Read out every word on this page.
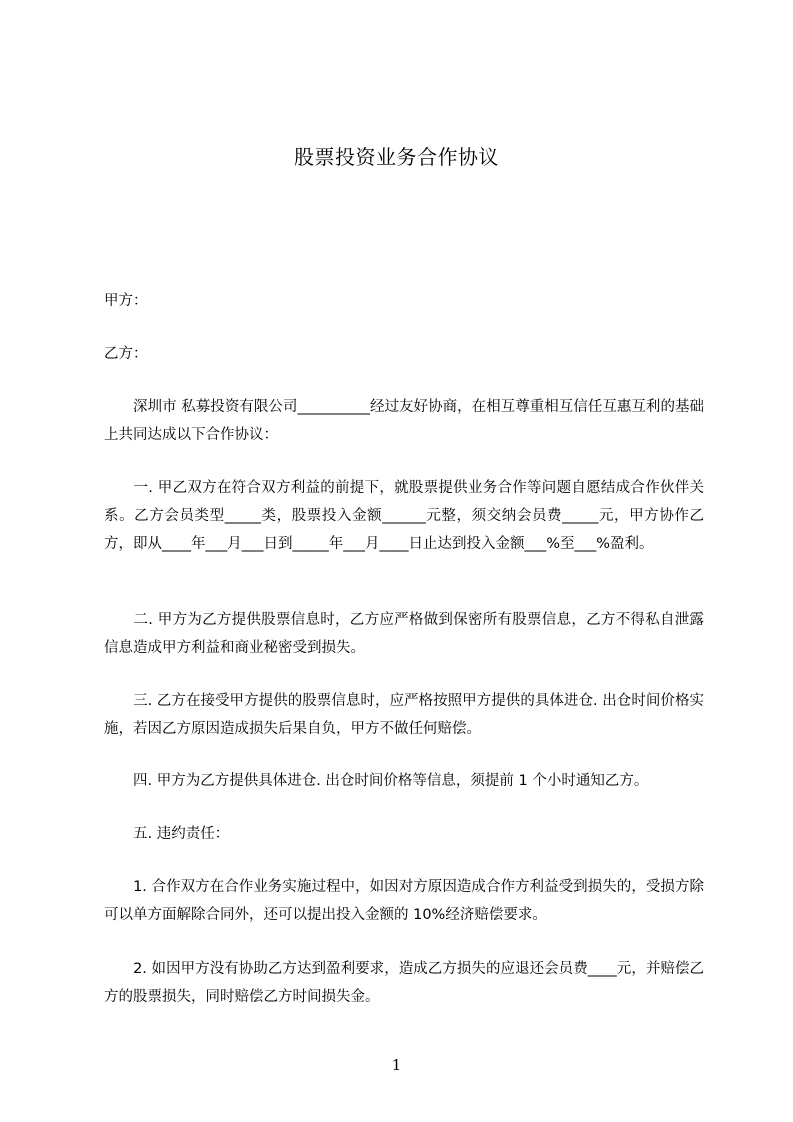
股票投资业务合作协议

甲方：

乙方：

　　深圳市 私募投资有限公司__________经过友好协商，在相互尊重相互信任互惠互利的基础上共同达成以下合作协议：

　　一. 甲乙双方在符合双方利益的前提下，就股票提供业务合作等问题自愿结成合作伙伴关系。乙方会员类型_____类，股票投入金额______元整，须交纳会员费_____元，甲方协作乙方，即从____年___月___日到_____年___月____日止达到投入金额___%至___%盈利。

　　二. 甲方为乙方提供股票信息时，乙方应严格做到保密所有股票信息，乙方不得私自泄露信息造成甲方利益和商业秘密受到损失。

　　三. 乙方在接受甲方提供的股票信息时，应严格按照甲方提供的具体进仓. 出仓时间价格实施，若因乙方原因造成损失后果自负，甲方不做任何赔偿。

　　四. 甲方为乙方提供具体进仓. 出仓时间价格等信息，须提前 1 个小时通知乙方。

　　五. 违约责任：

　　1. 合作双方在合作业务实施过程中，如因对方原因造成合作方利益受到损失的，受损方除可以单方面解除合同外，还可以提出投入金额的 10%经济赔偿要求。

　　2. 如因甲方没有协助乙方达到盈利要求，造成乙方损失的应退还会员费____元，并赔偿乙方的股票损失，同时赔偿乙方时间损失金。

1
